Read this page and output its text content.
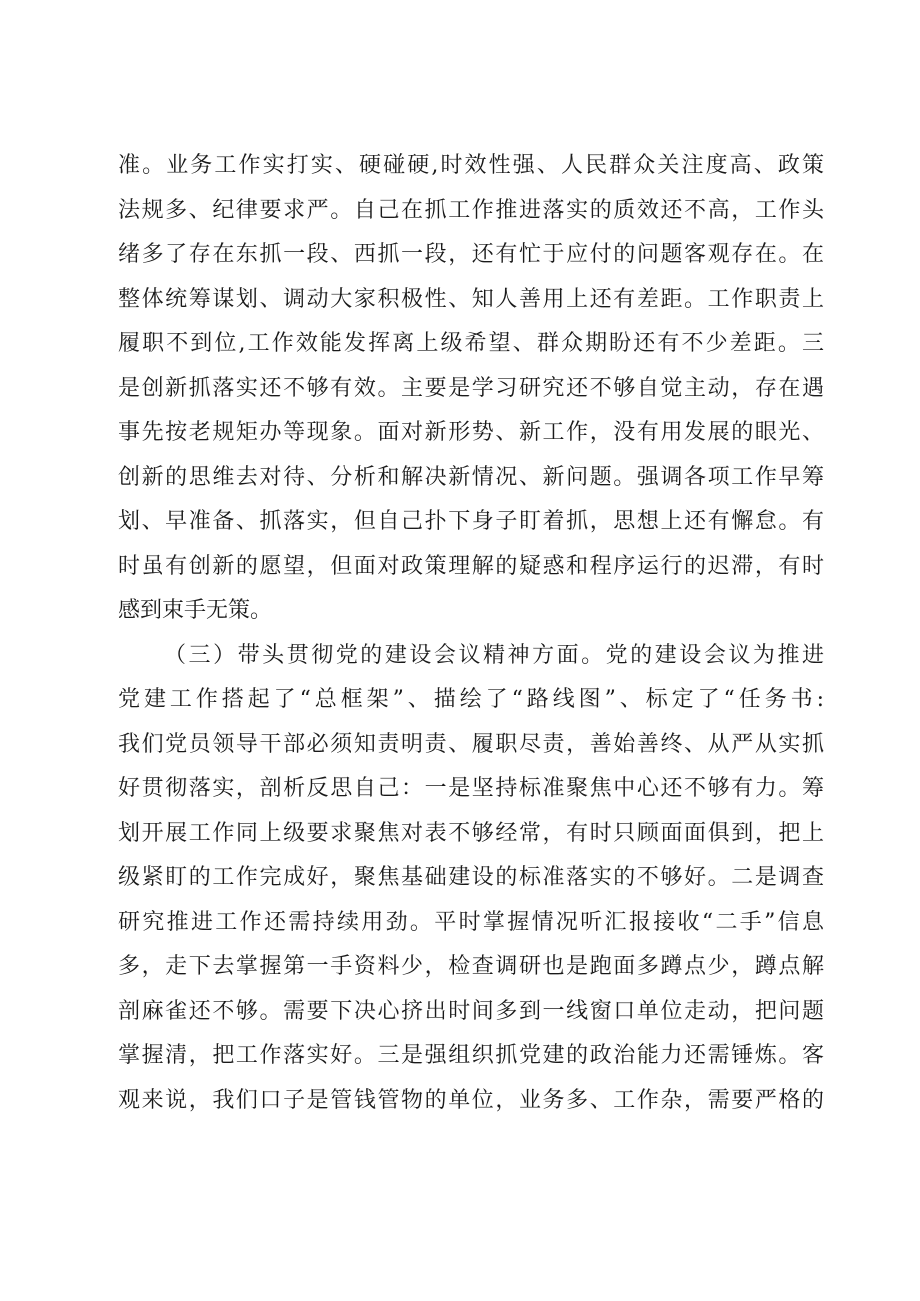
准。业务工作实打实、硬碰硬,时效性强、人民群众关注度高、政策
法规多、纪律要求严。自己在抓工作推进落实的质效还不高，工作头
绪多了存在东抓一段、西抓一段，还有忙于应付的问题客观存在。在
整体统筹谋划、调动大家积极性、知人善用上还有差距。工作职责上
履职不到位,工作效能发挥离上级希望、群众期盼还有不少差距。三
是创新抓落实还不够有效。主要是学习研究还不够自觉主动，存在遇
事先按老规矩办等现象。面对新形势、新工作，没有用发展的眼光、
创新的思维去对待、分析和解决新情况、新问题。强调各项工作早筹
划、早准备、抓落实，但自己扑下身子盯着抓，思想上还有懈怠。有
时虽有创新的愿望，但面对政策理解的疑惑和程序运行的迟滞，有时
感到束手无策。
（三）带头贯彻党的建设会议精神方面。党的建设会议为推进
党建工作搭起了“总框架”、描绘了“路线图”、标定了“任务书:
我们党员领导干部必须知责明责、履职尽责，善始善终、从严从实抓
好贯彻落实，剖析反思自己：一是坚持标准聚焦中心还不够有力。筹
划开展工作同上级要求聚焦对表不够经常，有时只顾面面俱到，把上
级紧盯的工作完成好，聚焦基础建设的标准落实的不够好。二是调查
研究推进工作还需持续用劲。平时掌握情况听汇报接收“二手”信息
多，走下去掌握第一手资料少，检查调研也是跑面多蹲点少，蹲点解
剖麻雀还不够。需要下决心挤出时间多到一线窗口单位走动，把问题
掌握清，把工作落实好。三是强组织抓党建的政治能力还需锤炼。客
观来说，我们口子是管钱管物的单位，业务多、工作杂，需要严格的
